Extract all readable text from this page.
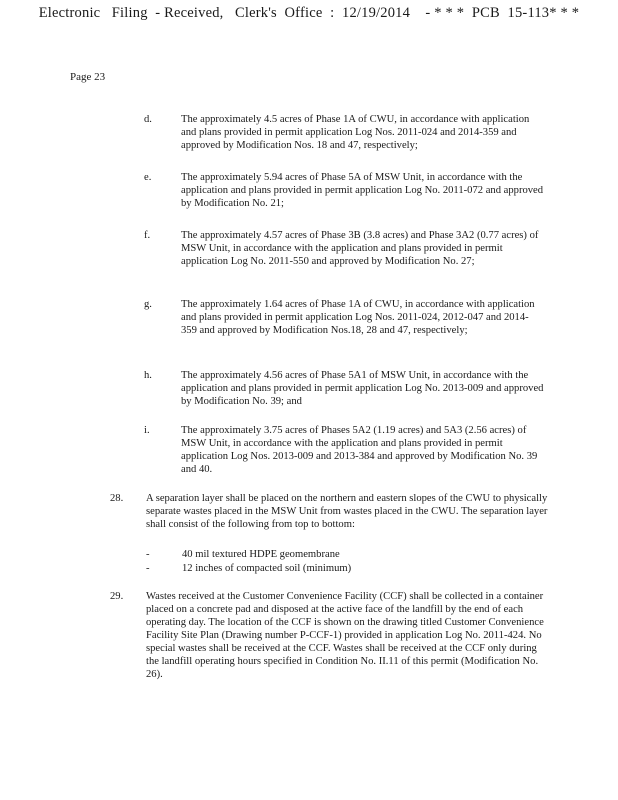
Electronic   Filing  - Received,   Clerk's  Office  :  12/19/2014    - * * *  PCB  15-113* * *
Page 23
d.	The approximately 4.5 acres of Phase 1A of CWU, in accordance with application and plans provided in permit application Log Nos. 2011-024 and 2014-359 and approved by Modification Nos. 18 and 47, respectively;
e.	The approximately 5.94 acres of Phase 5A of MSW Unit, in accordance with the application and plans provided in permit application Log No. 2011-072 and approved by Modification No. 21;
f.	The approximately 4.57 acres of Phase 3B (3.8 acres) and Phase 3A2 (0.77 acres) of MSW Unit, in accordance with the application and plans provided in permit application Log No. 2011-550 and approved by Modification No. 27;
g.	The approximately 1.64 acres of Phase 1A of CWU, in accordance with application and plans provided in permit application Log Nos. 2011-024, 2012-047 and 2014-359 and approved by Modification Nos.18, 28 and 47, respectively;
h.	The approximately 4.56 acres of Phase 5A1 of MSW Unit, in accordance with the application and plans provided in permit application Log No. 2013-009 and approved by Modification No. 39; and
i.	The approximately 3.75 acres of Phases 5A2 (1.19 acres) and 5A3 (2.56 acres) of MSW Unit, in accordance with the application and plans provided in permit application Log Nos. 2013-009 and 2013-384 and approved by Modification No. 39 and 40.
28.	A separation layer shall be placed on the northern and eastern slopes of the CWU to physically separate wastes placed in the MSW Unit from wastes placed in the CWU. The separation layer shall consist of the following from top to bottom:
-	40 mil textured HDPE geomembrane
-	12 inches of compacted soil (minimum)
29.	Wastes received at the Customer Convenience Facility (CCF) shall be collected in a container placed on a concrete pad and disposed at the active face of the landfill by the end of each operating day. The location of the CCF is shown on the drawing titled Customer Convenience Facility Site Plan (Drawing number P-CCF-1) provided in application Log No. 2011-424. No special wastes shall be received at the CCF. Wastes shall be received at the CCF only during the landfill operating hours specified in Condition No. II.11 of this permit (Modification No. 26).
